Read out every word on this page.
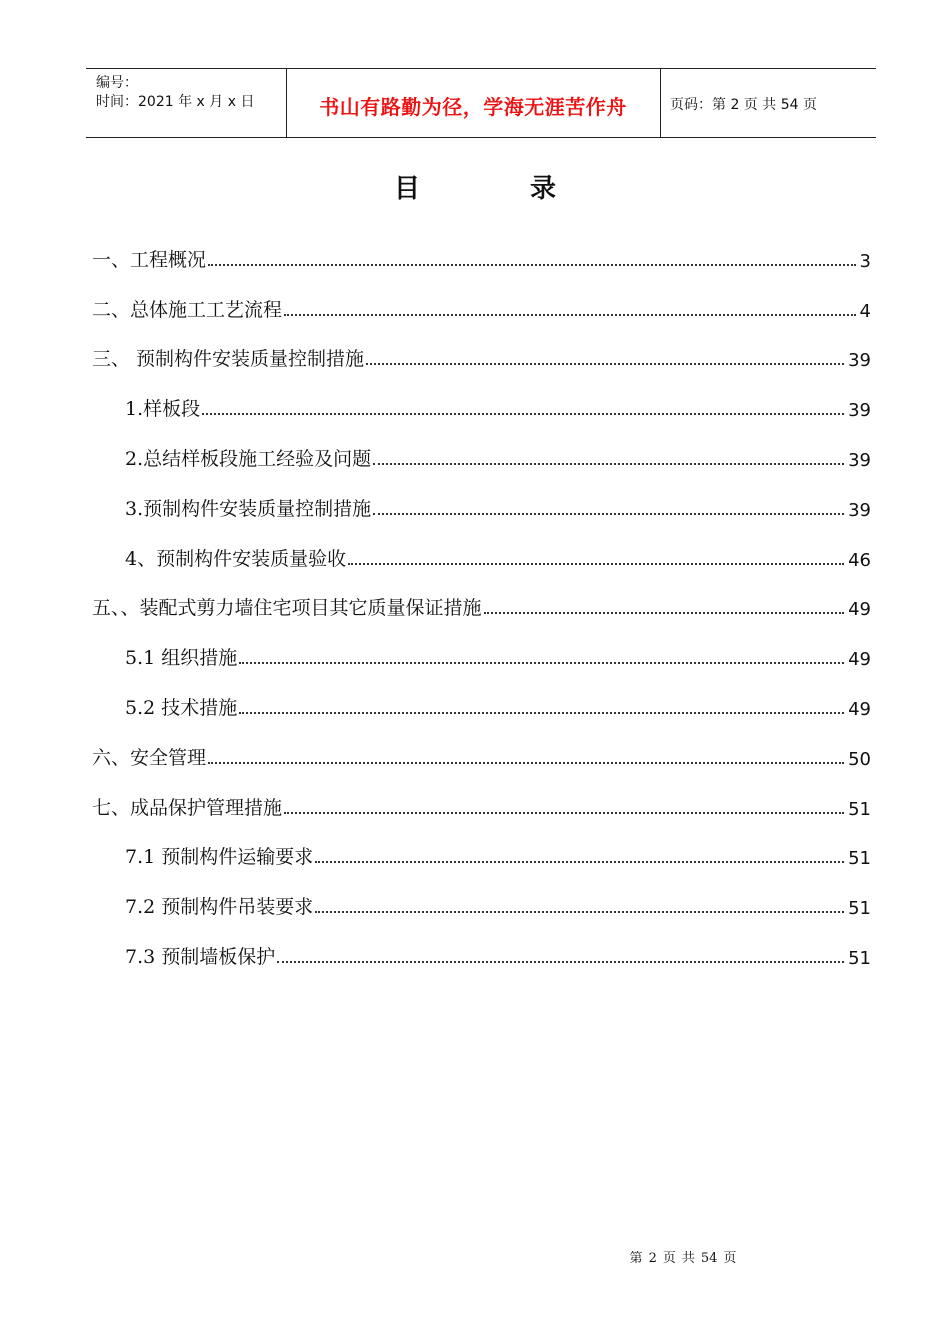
编号：
时间：2021 年 x 月 x 日	书山有路勤为径，学海无涯苦作舟	页码：第 2 页 共 54 页
目	录
一、工程概况	3
二、总体施工工艺流程	4
三、 预制构件安装质量控制措施	39
1.样板段	39
2.总结样板段施工经验及问题	39
3.预制构件安装质量控制措施	39
4、预制构件安装质量验收	46
五、、装配式剪力墙住宅项目其它质量保证措施	49
5.1 组织措施	49
5.2 技术措施	49
六、安全管理	50
七、成品保护管理措施	51
7.1 预制构件运输要求	51
7.2 预制构件吊装要求	51
7.3 预制墙板保护	51
第 2 页 共 54 页
